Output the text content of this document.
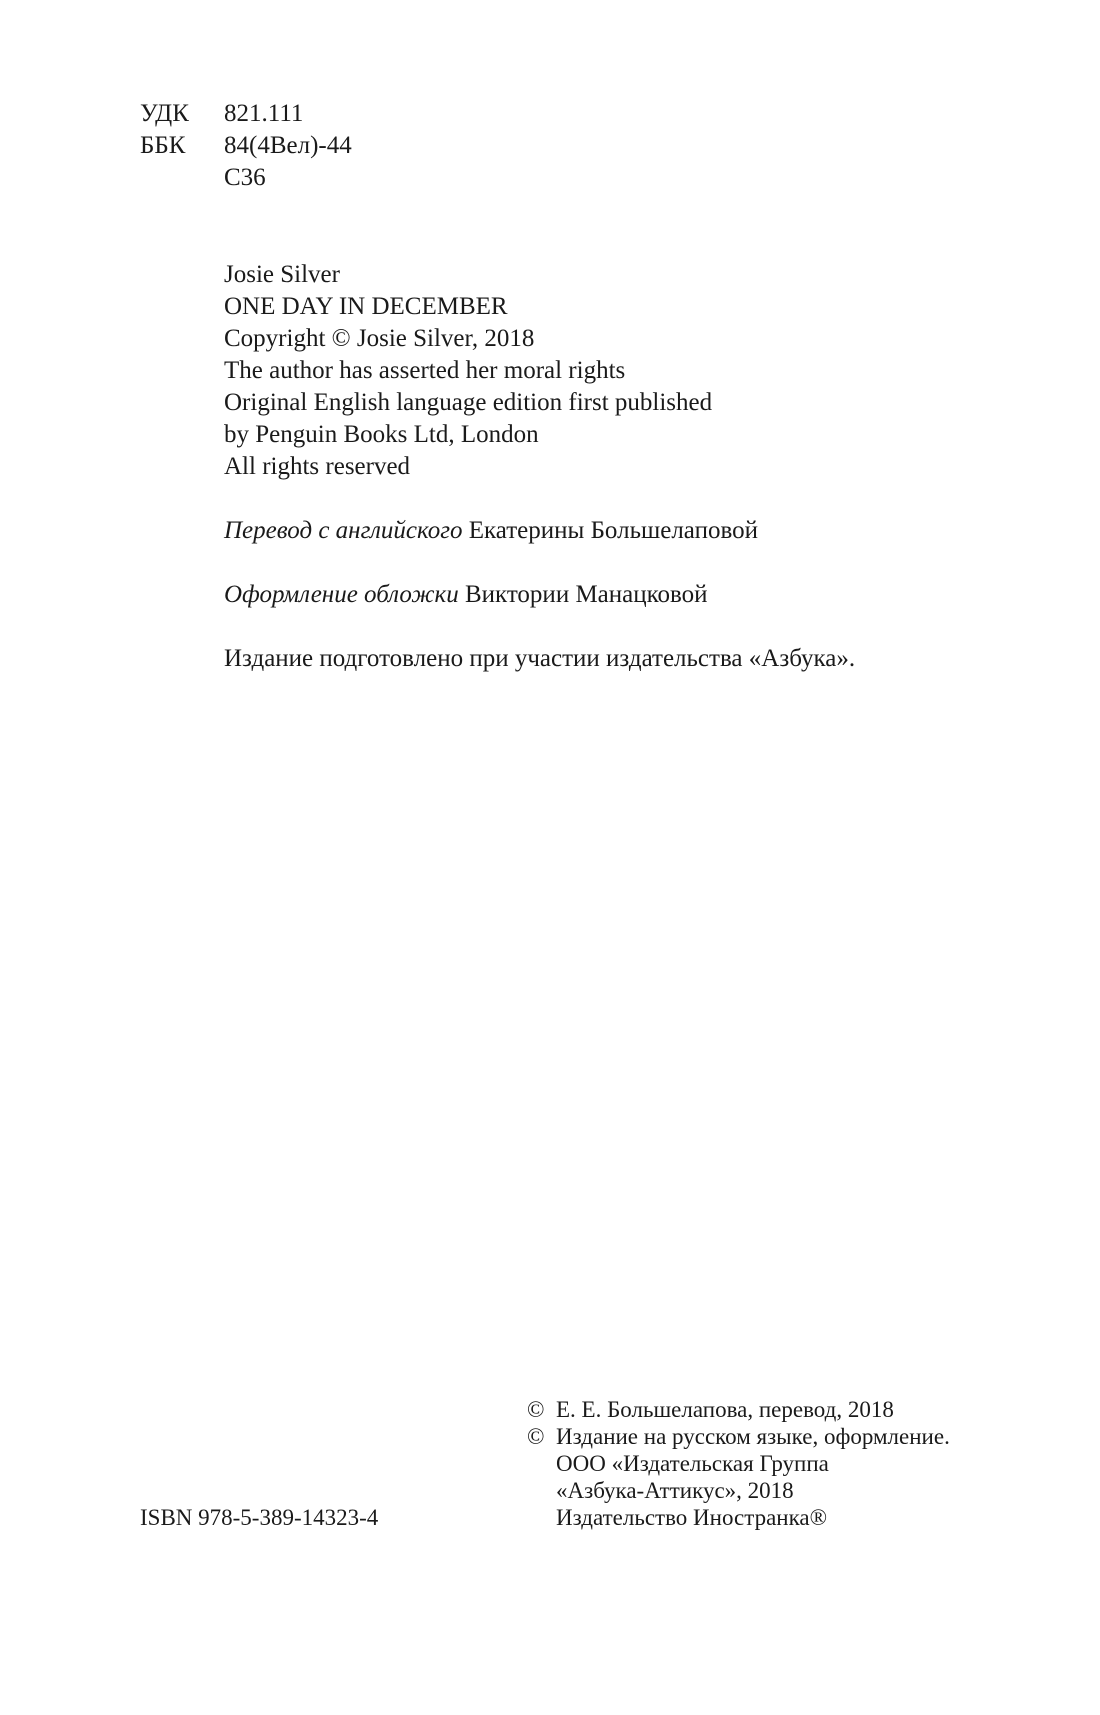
УДК 821.111
ББК 84(4Вел)-44
С36
Josie Silver
ONE DAY IN DECEMBER
Copyright © Josie Silver, 2018
The author has asserted her moral rights
Original English language edition first published
by Penguin Books Ltd, London
All rights reserved
Перевод с английского Екатерины Большелаповой
Оформление обложки Виктории Манацковой
Издание подготовлено при участии издательства «Азбука».
ISBN 978-5-389-14323-4
© Е. Е. Большелапова, перевод, 2018
© Издание на русском языке, оформление.
ООО «Издательская Группа
«Азбука-Аттикус», 2018
Издательство Иностранка®
